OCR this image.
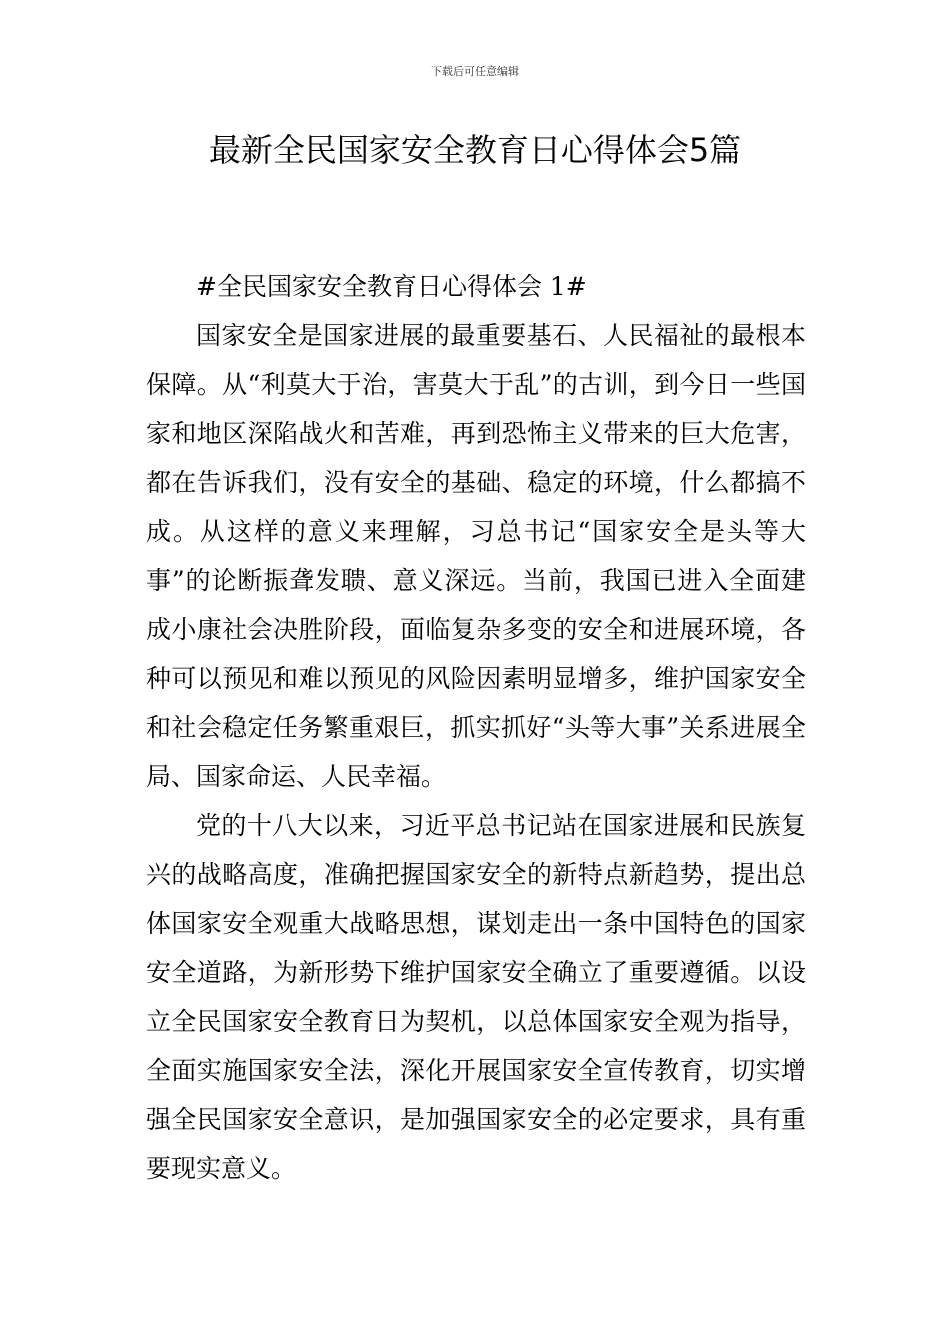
下载后可任意编辑
最新全民国家安全教育日心得体会5篇

#全民国家安全教育日心得体会 1#

国家安全是国家进展的最重要基石、人民福祉的最根本保障。从“利莫大于治，害莫大于乱”的古训，到今日一些国家和地区深陷战火和苦难，再到恐怖主义带来的巨大危害，都在告诉我们，没有安全的基础、稳定的环境，什么都搞不成。从这样的意义来理解，习总书记“国家安全是头等大事”的论断振聋发聩、意义深远。当前，我国已进入全面建成小康社会决胜阶段，面临复杂多变的安全和进展环境，各种可以预见和难以预见的风险因素明显增多，维护国家安全和社会稳定任务繁重艰巨，抓实抓好“头等大事”关系进展全局、国家命运、人民幸福。

党的十八大以来，习近平总书记站在国家进展和民族复兴的战略高度，准确把握国家安全的新特点新趋势，提出总体国家安全观重大战略思想，谋划走出一条中国特色的国家安全道路，为新形势下维护国家安全确立了重要遵循。以设立全民国家安全教育日为契机，以总体国家安全观为指导，全面实施国家安全法，深化开展国家安全宣传教育，切实增强全民国家安全意识，是加强国家安全的必定要求，具有重要现实意义。
